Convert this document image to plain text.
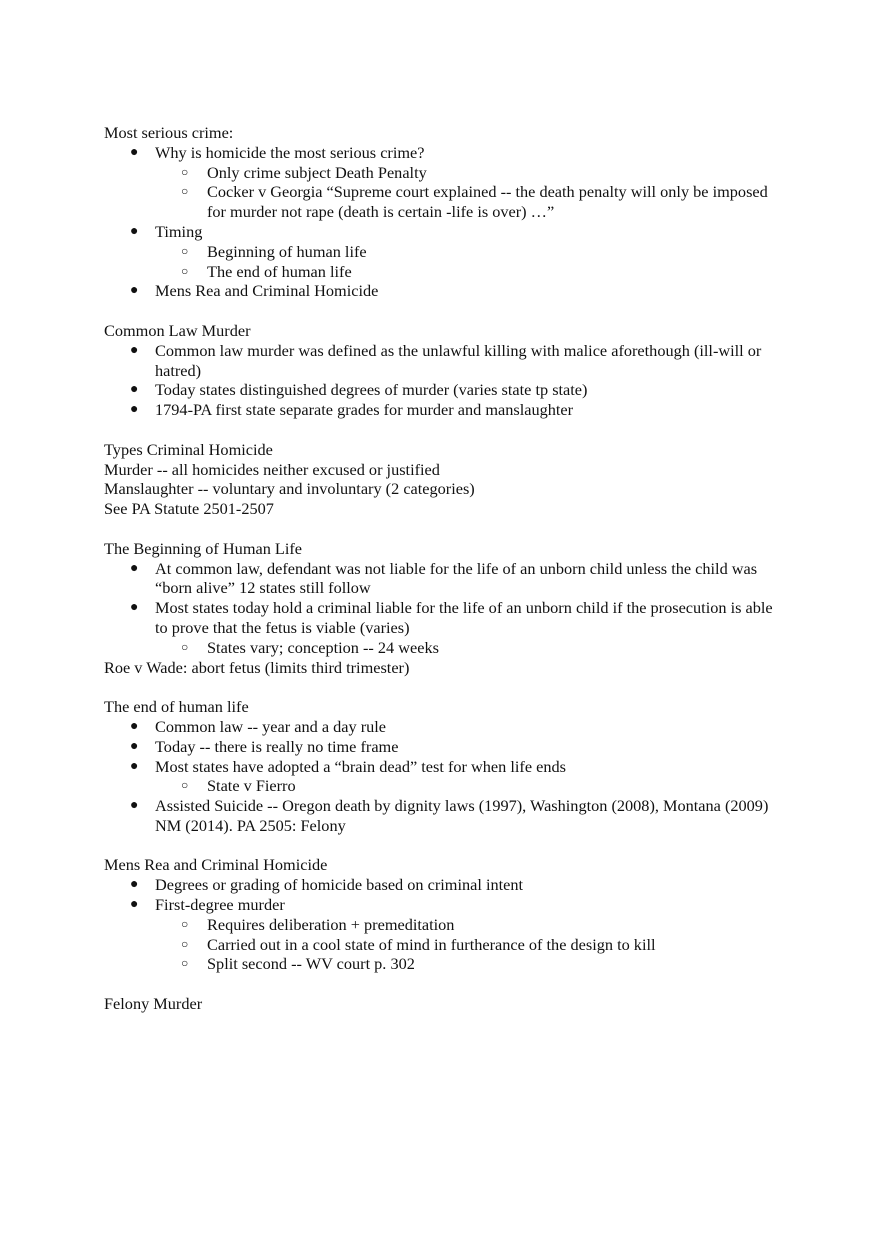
Most serious crime:

● Why is homicide the most serious crime?
○ Only crime subject Death Penalty
○ Cocker v Georgia “Supreme court explained -- the death penalty will only be imposed for murder not rape (death is certain -life is over) …”
● Timing
○ Beginning of human life
○ The end of human life
● Mens Rea and Criminal Homicide

Common Law Murder

● Common law murder was defined as the unlawful killing with malice aforethough (ill-will or hatred)
● Today states distinguished degrees of murder (varies state tp state)
● 1794-PA first state separate grades for murder and manslaughter

Types Criminal Homicide

Murder -- all homicides neither excused or justified

Manslaughter -- voluntary and involuntary (2 categories)

See PA Statute 2501-2507

The Beginning of Human Life

● At common law, defendant was not liable for the life of an unborn child unless the child was “born alive” 12 states still follow
● Most states today hold a criminal liable for the life of an unborn child if the prosecution is able to prove that the fetus is viable (varies)
○ States vary; conception -- 24 weeks

Roe v Wade: abort fetus (limits third trimester)

The end of human life

● Common law -- year and a day rule
● Today -- there is really no time frame
● Most states have adopted a “brain dead” test for when life ends
○ State v Fierro
● Assisted Suicide -- Oregon death by dignity laws (1997), Washington (2008), Montana (2009) NM (2014). PA 2505: Felony

Mens Rea and Criminal Homicide

● Degrees or grading of homicide based on criminal intent
● First-degree murder
○ Requires deliberation + premeditation
○ Carried out in a cool state of mind in furtherance of the design to kill
○ Split second -- WV court p. 302

Felony Murder
